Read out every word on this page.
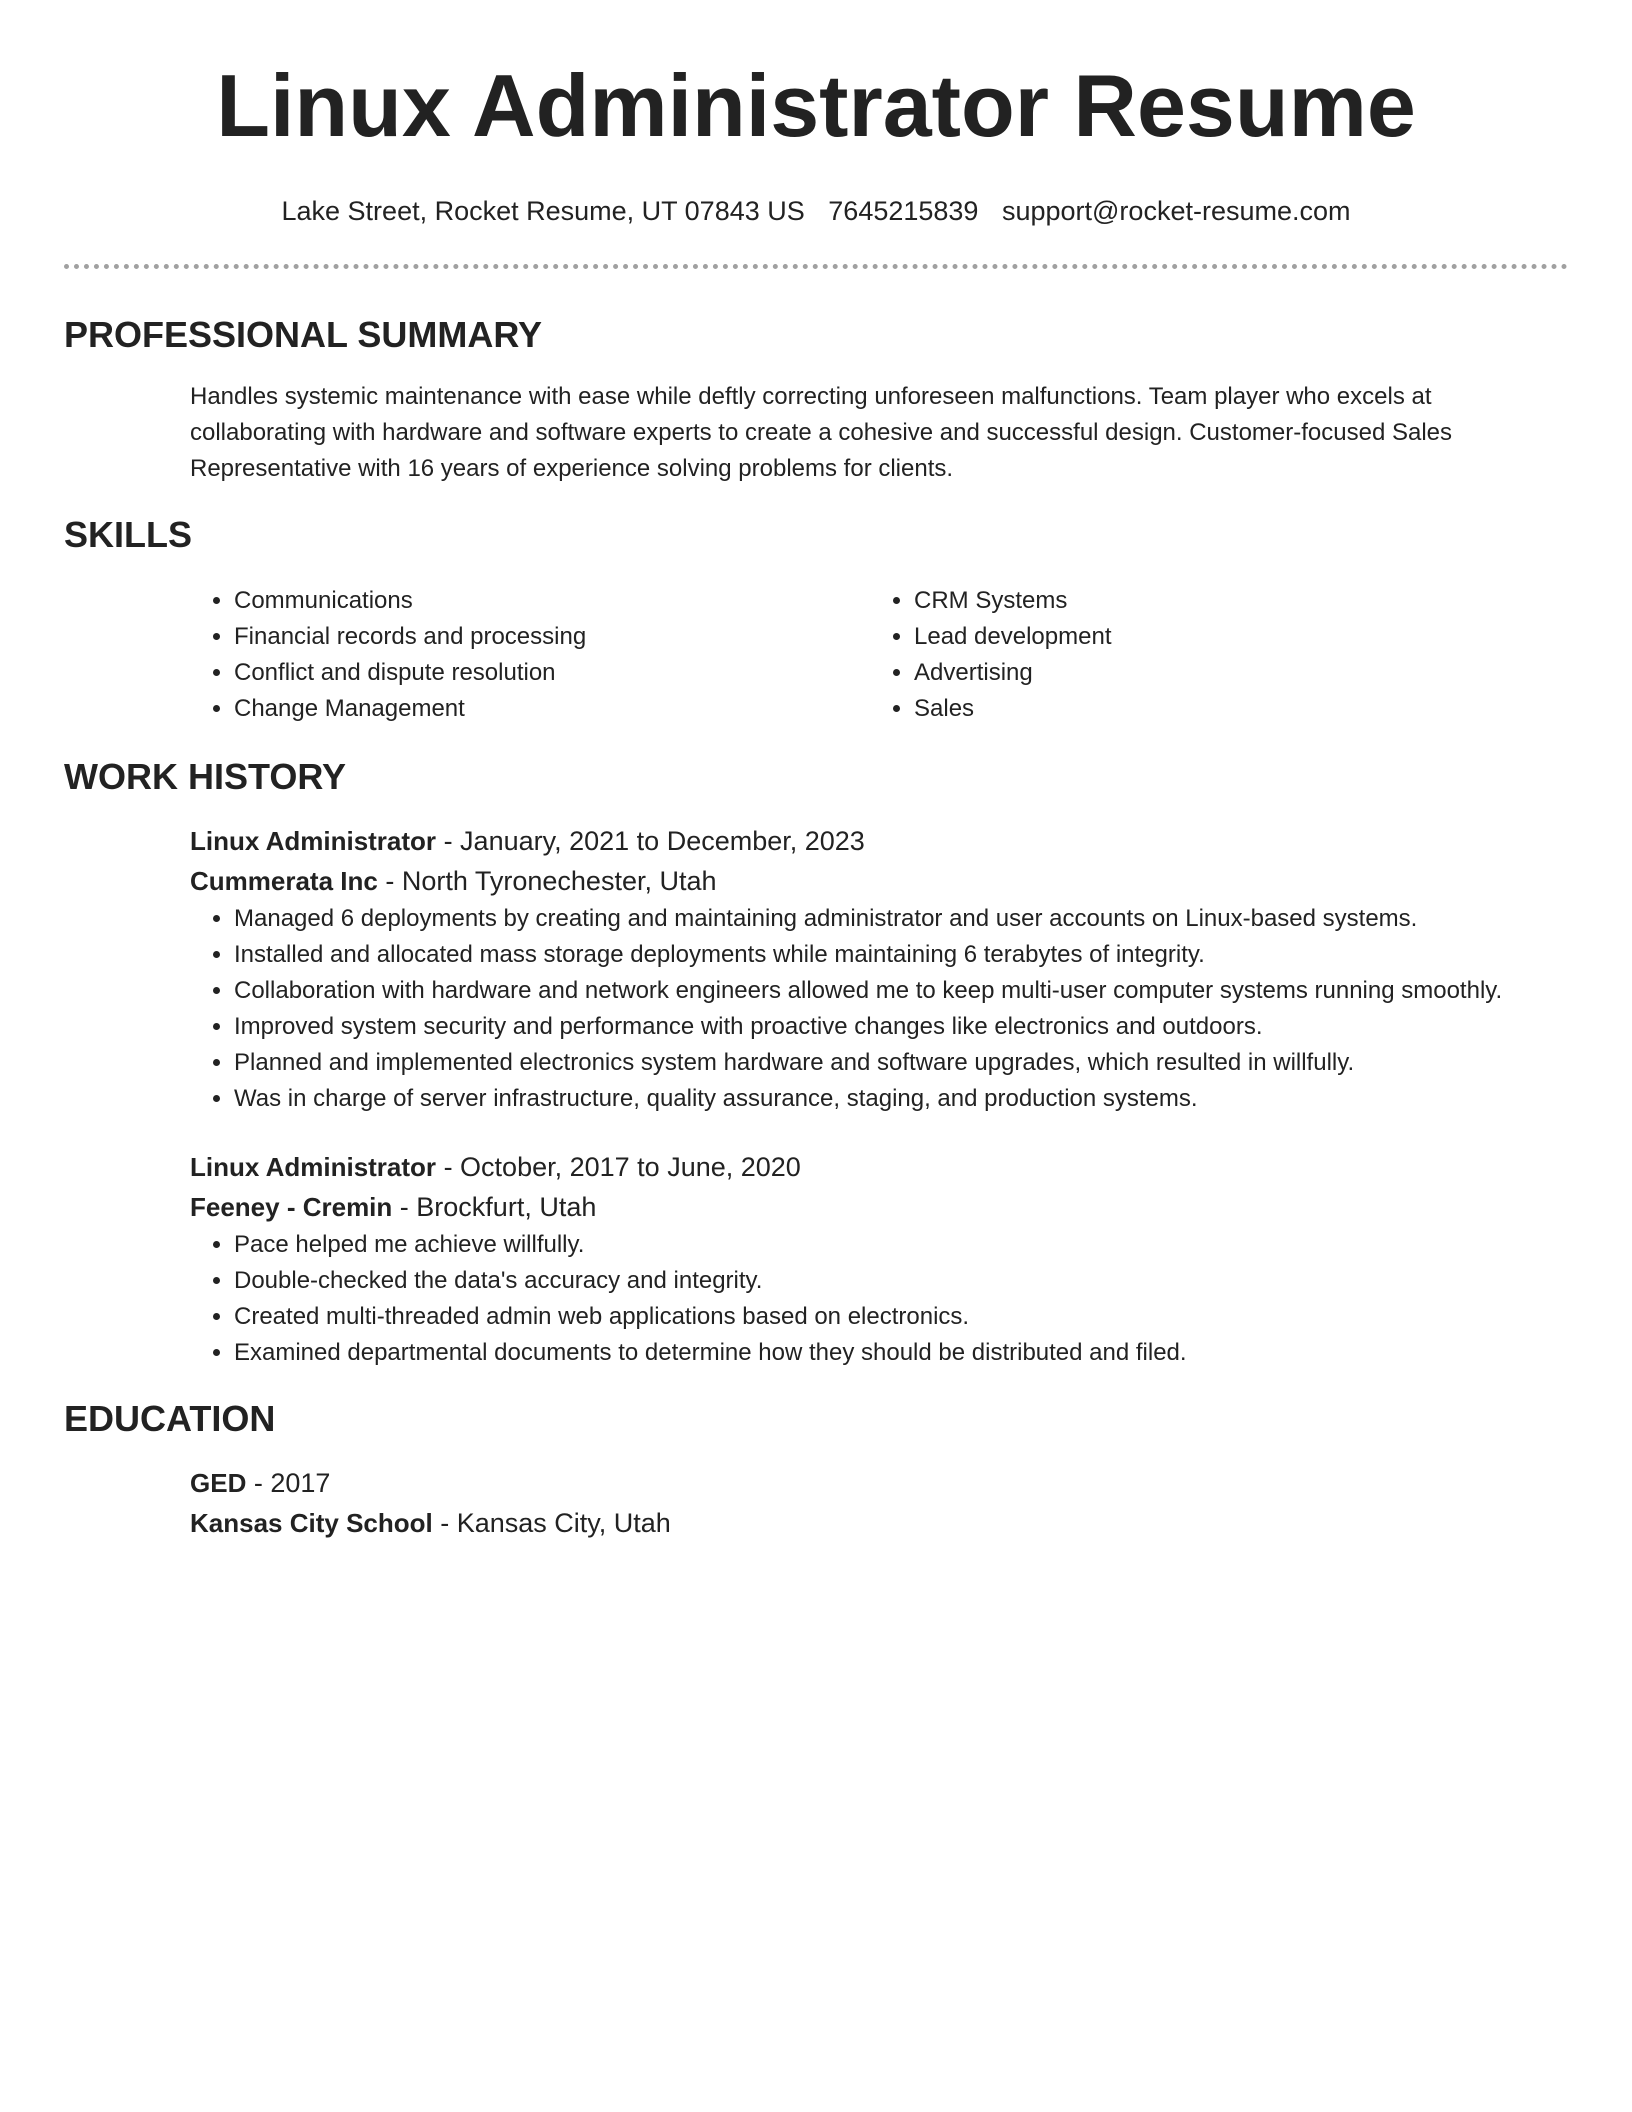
Linux Administrator Resume
Lake Street, Rocket Resume, UT 07843 US 7645215839 support@rocket-resume.com
PROFESSIONAL SUMMARY
Handles systemic maintenance with ease while deftly correcting unforeseen malfunctions. Team player who excels at collaborating with hardware and software experts to create a cohesive and successful design. Customer-focused Sales Representative with 16 years of experience solving problems for clients.
SKILLS
• Communications
• Financial records and processing
• Conflict and dispute resolution
• Change Management
• CRM Systems
• Lead development
• Advertising
• Sales
WORK HISTORY
Linux Administrator - January, 2021 to December, 2023
Cummerata Inc - North Tyronechester, Utah
• Managed 6 deployments by creating and maintaining administrator and user accounts on Linux-based systems.
• Installed and allocated mass storage deployments while maintaining 6 terabytes of integrity.
• Collaboration with hardware and network engineers allowed me to keep multi-user computer systems running smoothly.
• Improved system security and performance with proactive changes like electronics and outdoors.
• Planned and implemented electronics system hardware and software upgrades, which resulted in willfully.
• Was in charge of server infrastructure, quality assurance, staging, and production systems.
Linux Administrator - October, 2017 to June, 2020
Feeney - Cremin - Brockfurt, Utah
• Pace helped me achieve willfully.
• Double-checked the data's accuracy and integrity.
• Created multi-threaded admin web applications based on electronics.
• Examined departmental documents to determine how they should be distributed and filed.
EDUCATION
GED - 2017
Kansas City School - Kansas City, Utah
